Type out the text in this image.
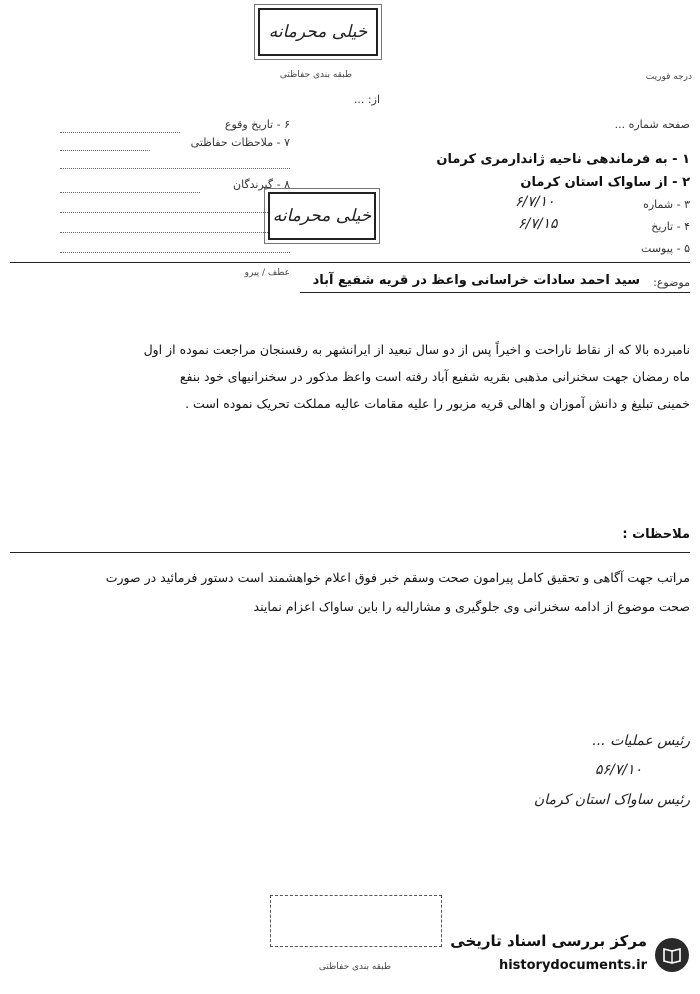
خیلی محرمانه
طبقه بندی حفاظتی	درجه فوریت
از: ...
۶ - تاریخ وقوع
۷ - ملاحظات حفاظتی
۸ - گیرندگان
خیلی محرمانه
صفحه شماره ...
۱ - به فرماندهی ناحیه ژاندارمری کرمان
۲ - از ساواک استان کرمان
۳ - شماره
۶/۷/۱۰
۴ - تاریخ
۶/۷/۱۵
۵ - پیوست
عطف / پیرو
موضوع:
سید احمد سادات خراسانی واعظ در قریه شفیع آباد
نامبرده بالا که از نقاط ناراحت و اخیراً پس از دو سال تبعید از ایرانشهر به رفسنجان مراجعت نموده از اول
ماه رمضان جهت سخنرانی مذهبی بقریه شفیع آباد رفته است واعظ مذکور در سخنرانیهای خود بنفع
خمینی تبلیغ و دانش آموزان و اهالی قریه مزبور را علیه مقامات عالیه مملکت تحریک نموده است .
ملاحظات :
مراتب جهت آگاهی و تحقیق کامل پیرامون صحت وسقم خبر فوق اعلام خواهشمند است دستور فرمائید در صورت
صحت موضوع از ادامه سخنرانی وی جلوگیری و مشارالیه را باین ساواک اعزام نمایند
رئیس عملیات ...
۵۶/۷/۱۰
رئیس ساواک استان کرمان
طبقه بندی حفاظتی
مرکز بررسی اسناد تاریخی
historydocuments.ir
